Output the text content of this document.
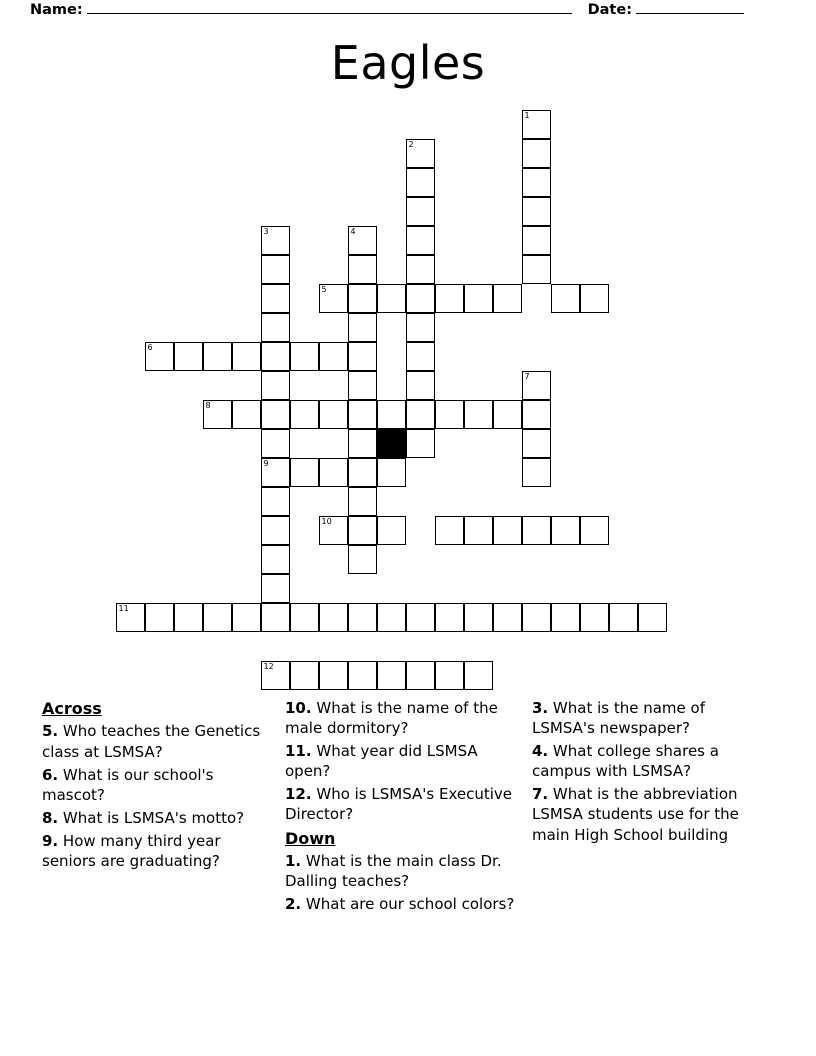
Name:	Date:
Eagles
1
2
3	4
5
6
7
8
9
10
11
12
Across
5. Who teaches the Genetics class at LSMSA?
6. What is our school's mascot?
8. What is LSMSA's motto?
9. How many third year seniors are graduating?
10. What is the name of the male dormitory?
11. What year did LSMSA open?
12. Who is LSMSA's Executive Director?
Down
1. What is the main class Dr. Dalling teaches?
2. What are our school colors?
3. What is the name of LSMSA's newspaper?
4. What college shares a campus with LSMSA?
7. What is the abbreviation LSMSA students use for the main High School building
